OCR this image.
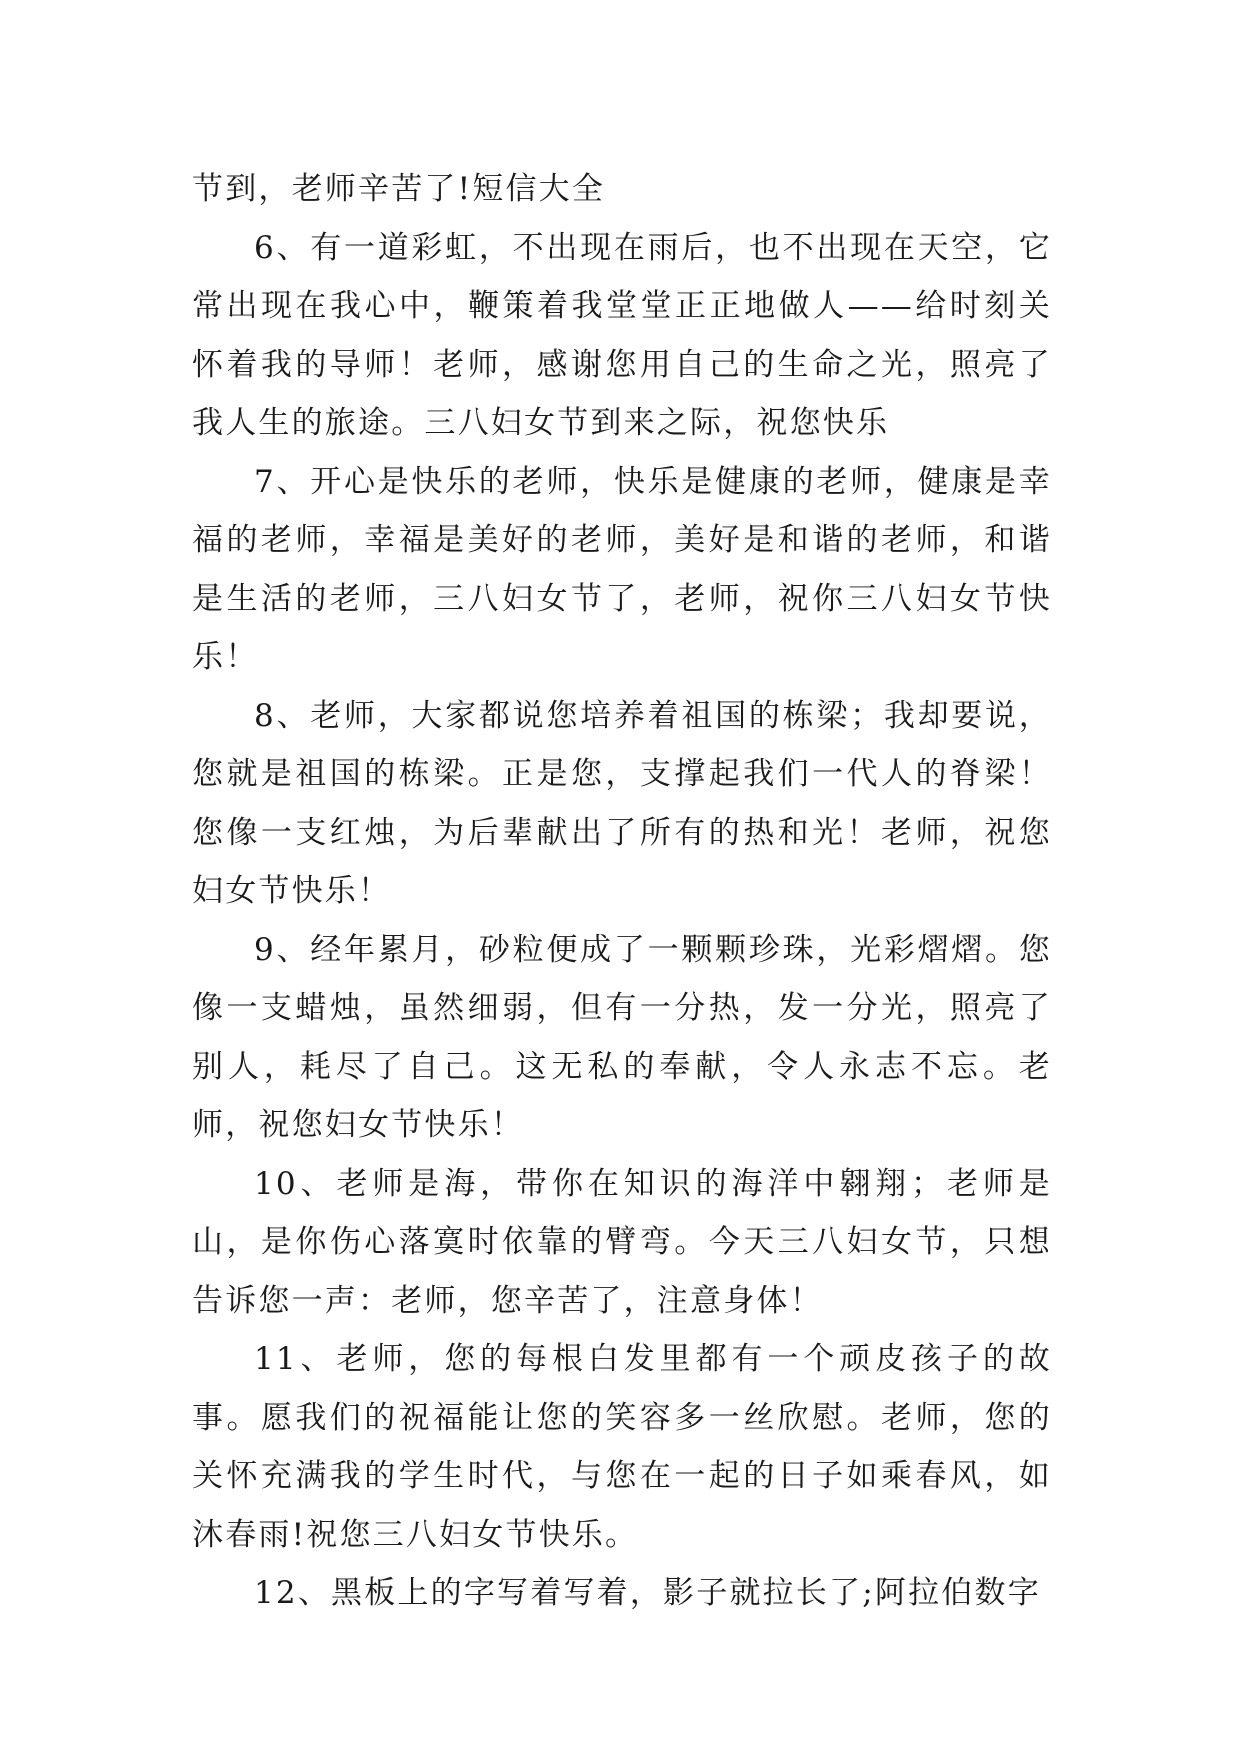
节到，老师辛苦了!短信大全

6、有一道彩虹，不出现在雨后，也不出现在天空，它常出现在我心中，鞭策着我堂堂正正地做人——给时刻关怀着我的导师！老师，感谢您用自己的生命之光，照亮了我人生的旅途。三八妇女节到来之际，祝您快乐

7、开心是快乐的老师，快乐是健康的老师，健康是幸福的老师，幸福是美好的老师，美好是和谐的老师，和谐是生活的老师，三八妇女节了，老师，祝你三八妇女节快乐！

8、老师，大家都说您培养着祖国的栋梁；我却要说，您就是祖国的栋梁。正是您，支撑起我们一代人的脊梁！您像一支红烛，为后辈献出了所有的热和光！老师，祝您妇女节快乐！

9、经年累月，砂粒便成了一颗颗珍珠，光彩熠熠。您像一支蜡烛，虽然细弱，但有一分热，发一分光，照亮了别人，耗尽了自己。这无私的奉献，令人永志不忘。老师，祝您妇女节快乐！

10、老师是海，带你在知识的海洋中翱翔；老师是山，是你伤心落寞时依靠的臂弯。今天三八妇女节，只想告诉您一声：老师，您辛苦了，注意身体！

11、老师，您的每根白发里都有一个顽皮孩子的故事。愿我们的祝福能让您的笑容多一丝欣慰。老师，您的关怀充满我的学生时代，与您在一起的日子如乘春风，如沐春雨!祝您三八妇女节快乐。

12、黑板上的字写着写着，影子就拉长了;阿拉伯数字
